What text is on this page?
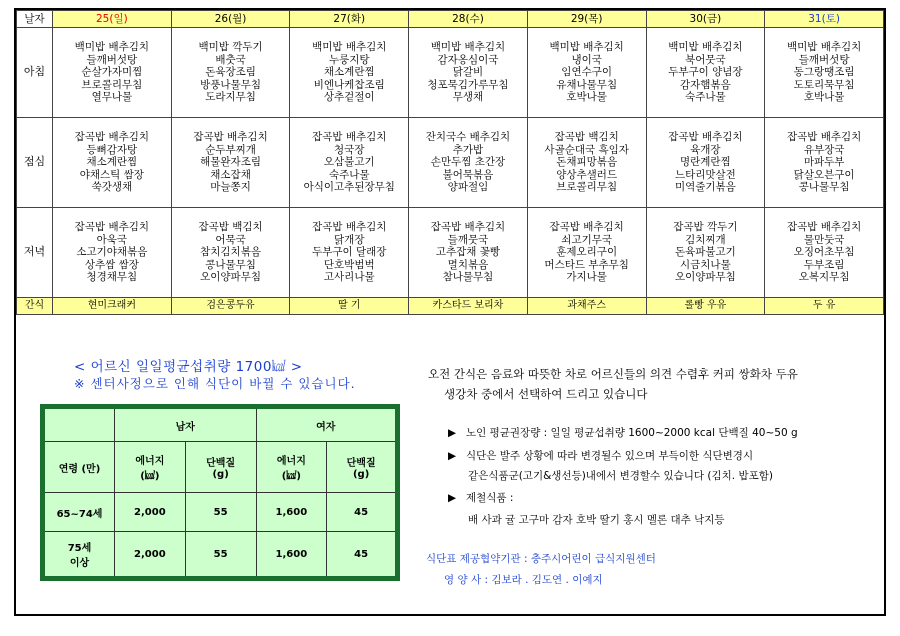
날자	25(일)	26(월)	27(화)	28(수)	29(목)	30(금)	31(토)
아침	백미밥 배추김치
들깨버섯탕
순살가자미찜
브로콜리무침
열무나물	백미밥 깍두기
배춧국
돈육장조림
방풍나물무침
도라지무침	백미밥 배추김치
누룽지탕
채소계란찜
비엔나케찹조림
상추겉절이	백미밥 배추김치
감자옹심이국
닭갈비
청포묵김가루무침
무생채	백미밥 배추김치
냉이국
임연수구이
유채나물무침
호박나물	백미밥 배추김치
북어뭇국
두부구이 양념장
감자햄볶음
숙주나물	백미밥 배추김치
들깨버섯탕
동그랑땡조림
도토리묵무침
호박나물

점심	잡곡밥 배추김치
등뼈감자탕
채소계란찜
야채스틱 쌈장
쑥갓생채	잡곡밥 배추김치
순두부찌개
해물완자조림
채소잡채
마늘쫑지	잡곡밥 배추김치
청국장
오삼불고기
숙주나물
아식이고추된장무침	잔치국수 배추김치
추가밥
손만두찜 초간장
불어묵볶음
양파절임	잡곡밥 백김치
사골순대국 흑임자
돈채피망볶음
양상추샐러드
브로콜리무침	잡곡밥 배추김치
육개장
명란계란찜
느타리맛살전
미역줄기볶음	잡곡밥 배추김치
유부장국
마파두부
닭살오븐구이
콩나물무침

저녁	잡곡밥 배추김치
아욱국
소고기야채볶음
상추쌈 쌈장
청경채무침	잡곡밥 백김치
어묵국
참치김치볶음
콩나물무침
오이양파무침	잡곡밥 배추김치
닭개장
두부구이 달래장
단호박범벅
고사리나물	잡곡밥 배추김치
들깨뭇국
고추잡채 꽃빵
멸치볶음
참나물무침	잡곡밥 배추김치
쇠고기무국
훈제오리구이
머스타드 부추무침
가지나물	잡곡밥 깍두기
김치찌개
돈육파불고기
시금치나물
오이양파무침	잡곡밥 배추김치
물만둣국
오징어초무침
두부조림
오복지무침

간식	현미크래커	검은콩두유	딸 기	카스타드 보리차	과채주스	롤빵 우유	두 유
< 어르신 일일평균섭취량 1700㎉ >
※ 센터사정으로 인해 식단이 바뀔 수 있습니다.
	남자		여자	
연령 (만)	에너지
(㎉)	단백질
(g)	에너지
(㎉)	단백질
(g)
65~74세	2,000	55	1,600	45
75세
이상	2,000	55	1,600	45
오전 간식은 음료와 따뜻한 차로 어르신들의 의견 수렴후 커피 쌍화차 두유
생강차 중에서 선택하여 드리고 있습니다
▶ 노인 평균권장량 : 일일 평균섭취량 1600~2000 kcal 단백질 40~50 g
▶ 식단은 발주 상황에 따라 변경될수 있으며 부득이한 식단변경시
같은식품군(고기&생선등)내에서 변경할수 있습니다 (김치. 밥포함)
▶ 제철식품 :
배 사과 귤 고구마 감자 호박 딸기 홍시 멜론 대추 낙지등
식단표 제공협약기관 : 충주시어린이 급식지원센터
영 양 사 : 김보라 . 김도연 . 이예지
